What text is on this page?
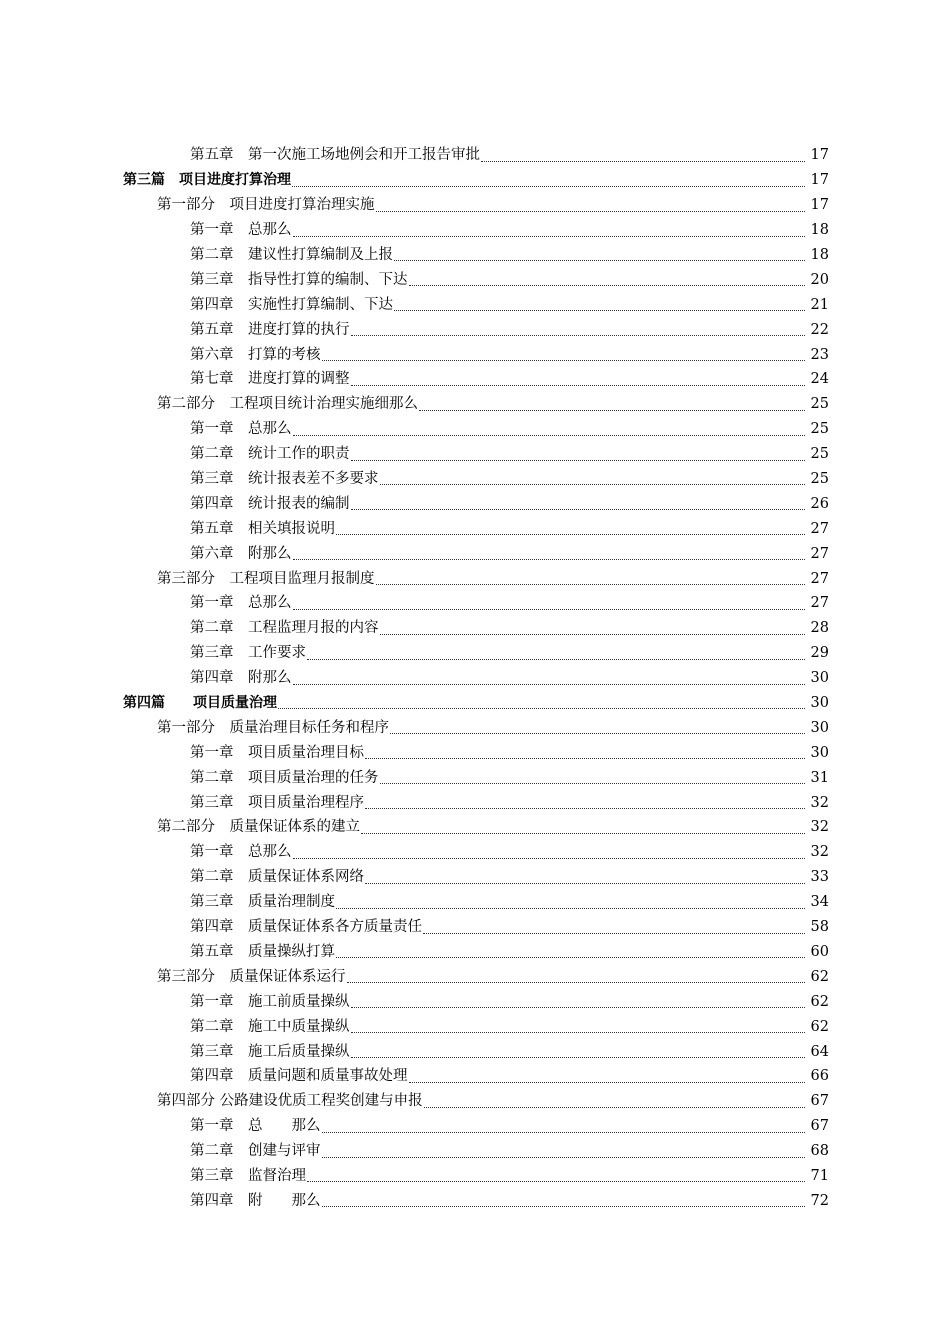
第五章　第一次施工场地例会和开工报告审批	17
第三篇　项目进度打算治理	17
第一部分　项目进度打算治理实施	17
第一章　总那么	18
第二章　建议性打算编制及上报	18
第三章　指导性打算的编制、下达	20
第四章　实施性打算编制、下达	21
第五章　进度打算的执行	22
第六章　打算的考核	23
第七章　进度打算的调整	24
第二部分　工程项目统计治理实施细那么	25
第一章　总那么	25
第二章　统计工作的职责	25
第三章　统计报表差不多要求	25
第四章　统计报表的编制	26
第五章　相关填报说明	27
第六章　附那么	27
第三部分　工程项目监理月报制度	27
第一章　总那么	27
第二章　工程监理月报的内容	28
第三章　工作要求	29
第四章　附那么	30
第四篇　　项目质量治理	30
第一部分　质量治理目标任务和程序	30
第一章　项目质量治理目标	30
第二章　项目质量治理的任务	31
第三章　项目质量治理程序	32
第二部分　质量保证体系的建立	32
第一章　总那么	32
第二章　质量保证体系网络	33
第三章　质量治理制度	34
第四章　质量保证体系各方质量责任	58
第五章　质量操纵打算	60
第三部分　质量保证体系运行	62
第一章　施工前质量操纵	62
第二章　施工中质量操纵	62
第三章　施工后质量操纵	64
第四章　质量问题和质量事故处理	66
第四部分 公路建设优质工程奖创建与申报	67
第一章　总　　那么	67
第二章　创建与评审	68
第三章　监督治理	71
第四章　附　　那么	72
